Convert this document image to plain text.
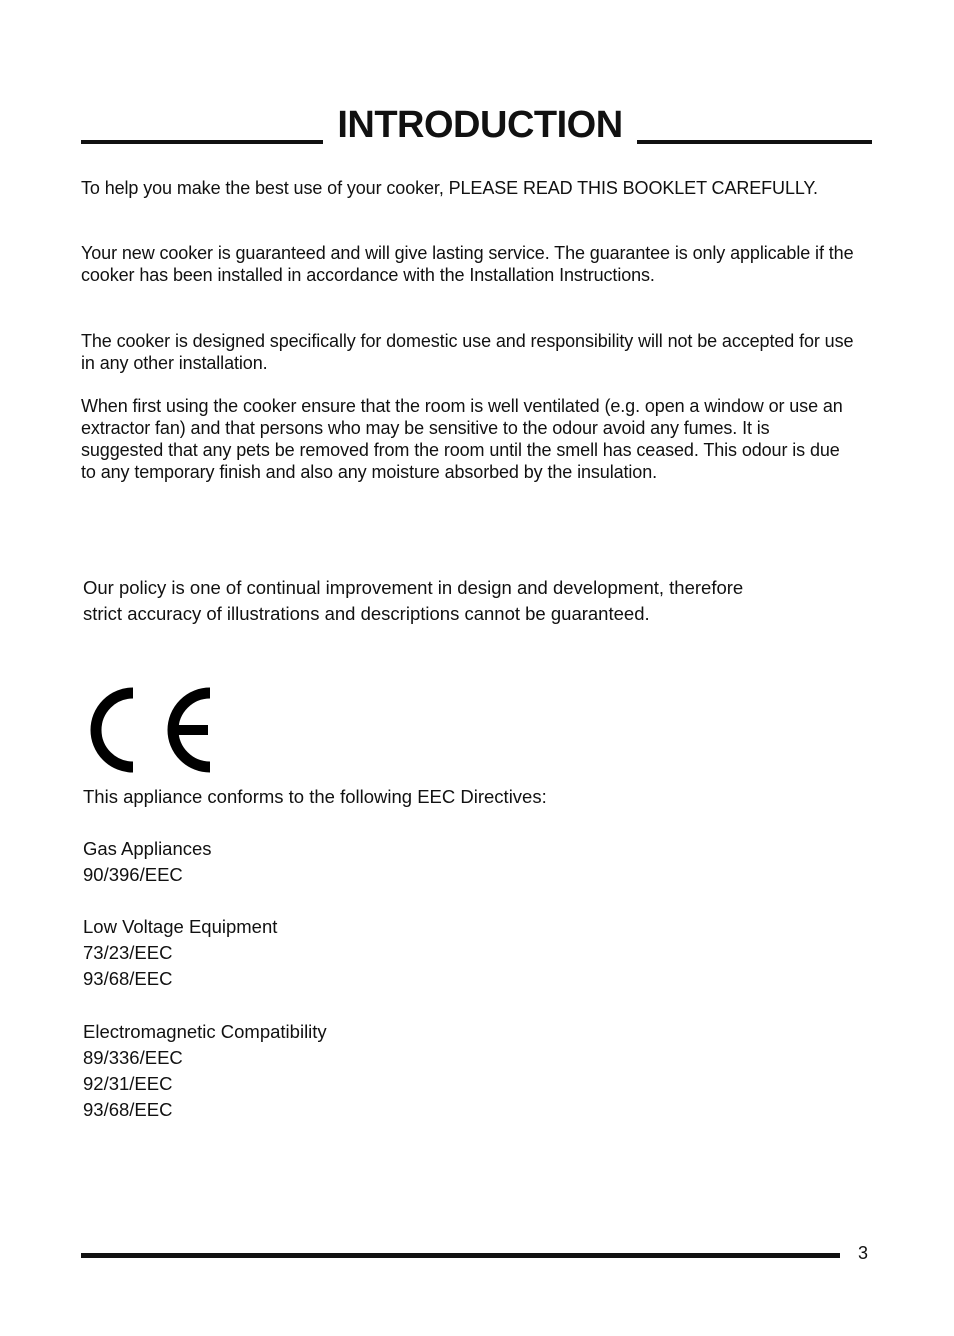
INTRODUCTION

To help you make the best use of your cooker, PLEASE READ THIS BOOKLET CAREFULLY.

Your new cooker is guaranteed and will give lasting service. The guarantee is only applicable if the cooker has been installed in accordance with the Installation Instructions.

The cooker is designed specifically for domestic use and responsibility will not be accepted for use in any other installation.

When first using the cooker ensure that the room is well ventilated (e.g. open a window or use an extractor fan) and that persons who may be sensitive to the odour avoid any fumes. It is suggested that any pets be removed from the room until the smell has ceased. This odour is due to any temporary finish and also any moisture absorbed by the insulation.

Our policy is one of continual improvement in design and development, therefore strict accuracy of illustrations and descriptions cannot be guaranteed.

This appliance conforms to the following EEC Directives:

Gas Appliances
90/396/EEC
Low Voltage Equipment
73/23/EEC
93/68/EEC
Electromagnetic Compatibility
89/336/EEC
92/31/EEC
93/68/EEC
3
